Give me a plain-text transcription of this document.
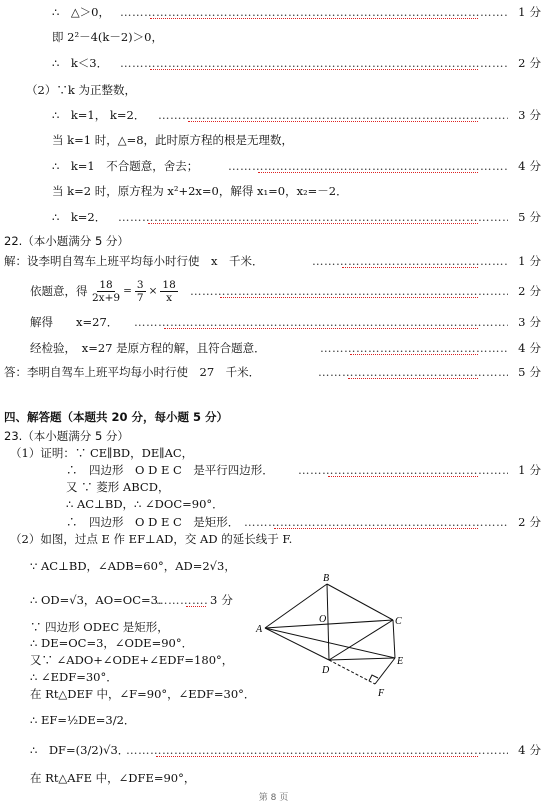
∴　△＞0， …………………………………………………………………………………………………………………………	1 分
即 2²－4(k－2)＞0，
∴　k＜3． …………………………………………………………………………………………………………………………	2 分
（2）∵k 为正整数，
∴　k=1， k=2． …………………………………………………………………………………………………………………………	3 分
当 k=1 时，△=8，此时原方程的根是无理数，
∴　k=1　不合题意，舍去； …………………………………………………………………………………………………………………………	4 分
当 k=2 时，原方程为 x²+2x=0，解得 x₁=0，x₂=－2．
∴　k=2． …………………………………………………………………………………………………………………………	5 分
22.（本小题满分 5 分）
解：设李明自驾车上班平均每小时行使　x　千米． …………………………………………………………………………………………………………………………	1 分
依题意，得 …………………………………………………………………………………………………………………………	2 分
解得　　x=27． …………………………………………………………………………………………………………………………	3 分
经检验，　x=27 是原方程的解，且符合题意． …………………………………………………………………………………………………………………………	4 分
答：李明自驾车上班平均每小时行使　27　千米． …………………………………………………………………………………………………………………………	5 分
四、解答题（本题共 20 分，每小题 5 分）
23.（本小题满分 5 分）
（1）证明：∵ CE∥BD，DE∥AC，
∴　四边形　O D E C　是平行四边形． …………………………………………………………………………………………………………………………	1 分
又 ∵ 菱形 ABCD，
∴ AC⊥BD，∴ ∠DOC=90°．
∴　四边形　O D E C　是矩形． …………………………………………………………………………………………………………………………	2 分
（2）如图，过点 E 作 EF⊥AD，交 AD 的延长线于 F.
∵ AC⊥BD，∠ADB=60°，AD=2√3，
∴ OD=√3，AO=OC=3. …………………………………………………………………………………………………………………………	3 分
∵ 四边形 ODEC 是矩形，
∴ DE=OC=3，∠ODE=90°．
又∵ ∠ADO+∠ODE+∠EDF=180°，
∴ ∠EDF=30°．
在 Rt△DEF 中，∠F=90°，∠EDF=30°．
∴ EF=½DE=3/2．
∴　DF=(3/2)√3． …………………………………………………………………………………………………………………………	4 分
在 Rt△AFE 中，∠DFE=90°，
$\frac{18}{2x+9} = \frac{3}{7} \times \frac{18}{x}$
A
B
C
O
D
E
F
第 8 页
